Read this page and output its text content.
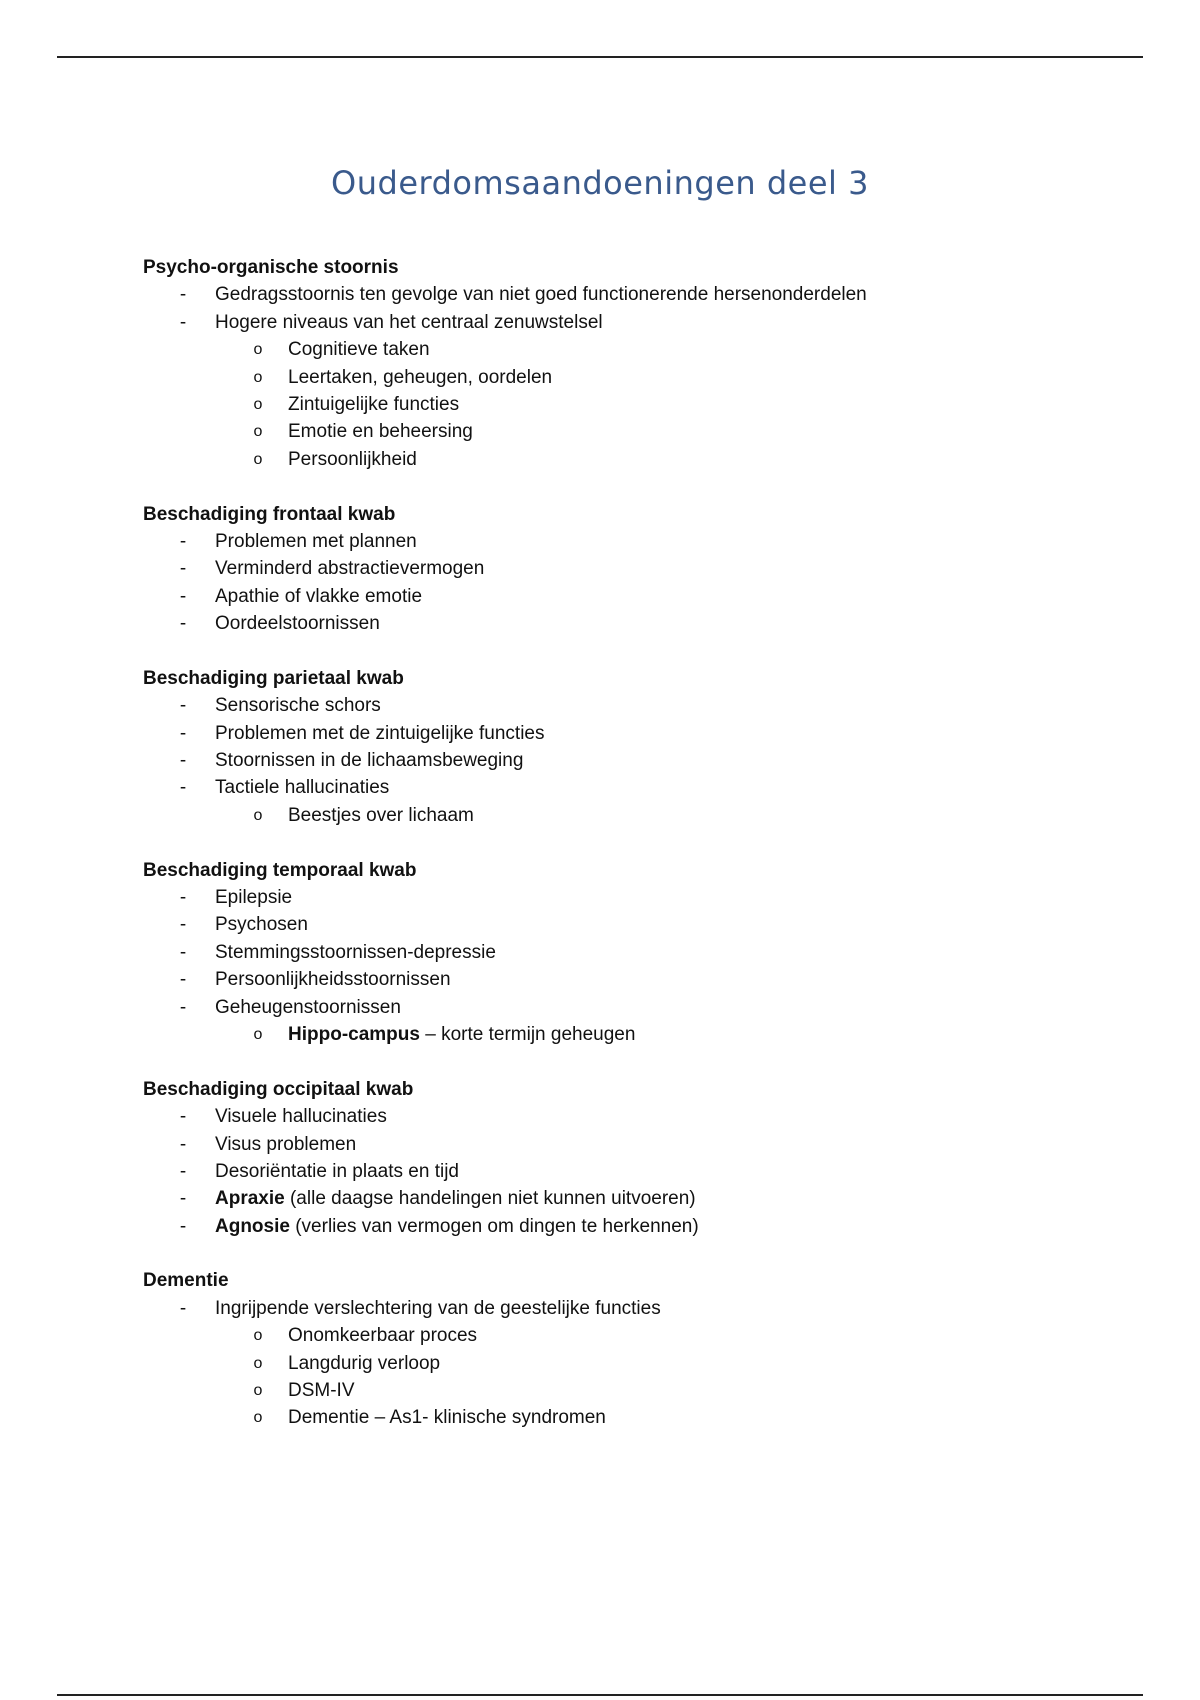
Ouderdomsaandoeningen deel 3
Psycho-organische stoornis
-	Gedragsstoornis ten gevolge van niet goed functionerende hersenonderdelen
-	Hogere niveaus van het centraal zenuwstelsel
o Cognitieve taken
o Leertaken, geheugen, oordelen
o Zintuigelijke functies
o Emotie en beheersing
o Persoonlijkheid
Beschadiging frontaal kwab
-	Problemen met plannen
-	Verminderd abstractievermogen
-	Apathie of vlakke emotie
-	Oordeelstoornissen
Beschadiging parietaal kwab
-	Sensorische schors
-	Problemen met de zintuigelijke functies
-	Stoornissen in de lichaamsbeweging
-	Tactiele hallucinaties
o Beestjes over lichaam
Beschadiging temporaal kwab
-	Epilepsie
-	Psychosen
-	Stemmingsstoornissen-depressie
-	Persoonlijkheidsstoornissen
-	Geheugenstoornissen
o Hippo-campus – korte termijn geheugen
Beschadiging occipitaal kwab
-	Visuele hallucinaties
-	Visus problemen
-	Desoriëntatie in plaats en tijd
-	Apraxie (alle daagse handelingen niet kunnen uitvoeren)
-	Agnosie (verlies van vermogen om dingen te herkennen)
Dementie
-	Ingrijpende verslechtering van de geestelijke functies
o Onomkeerbaar proces
o Langdurig verloop
o DSM-IV
o Dementie – As1- klinische syndromen
